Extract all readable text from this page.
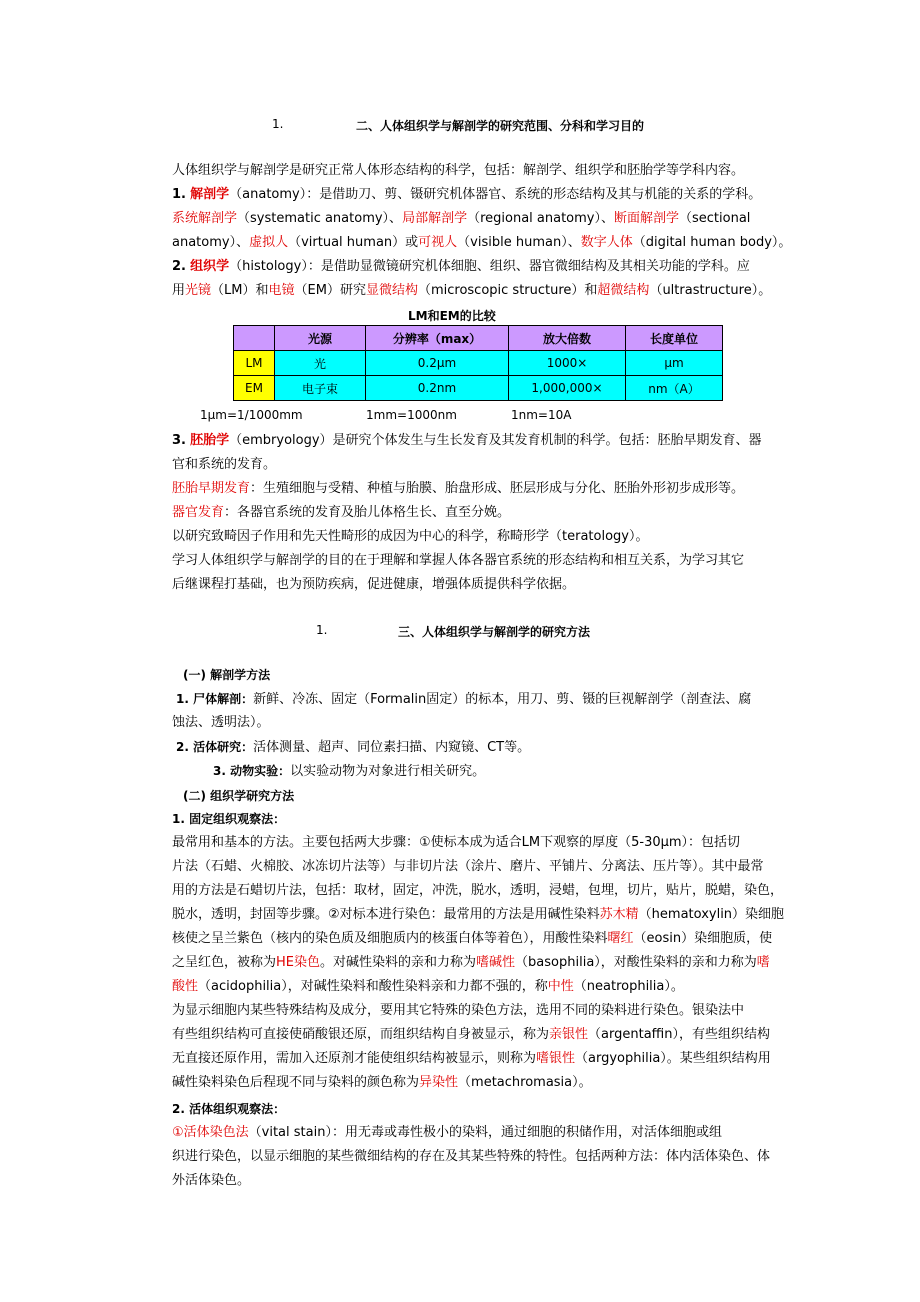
1.	二、人体组织学与解剖学的研究范围、分科和学习目的
人体组织学与解剖学是研究正常人体形态结构的科学，包括：解剖学、组织学和胚胎学等学科内容。
1. 解剖学（anatomy）：是借助刀、剪、镊研究机体器官、系统的形态结构及其与机能的关系的学科。
系统解剖学（systematic anatomy）、局部解剖学（regional anatomy）、断面解剖学（sectional
anatomy）、虚拟人（virtual human）或可视人（visible human）、数字人体（digital human body）。
2. 组织学（histology）：是借助显微镜研究机体细胞、组织、器官微细结构及其相关功能的学科。应
用光镜（LM）和电镜（EM）研究显微结构（microscopic structure）和超微结构（ultrastructure）。
LM和EM的比较
	光源	分辨率（max）	放大倍数	长度单位
LM	光	0.2μm	1000×	μm
EM	电子束	0.2nm	1,000,000×	nm（A）
1μm=1/1000mm	1mm=1000nm	1nm=10A
3. 胚胎学（embryology）是研究个体发生与生长发育及其发育机制的科学。包括：胚胎早期发育、器
官和系统的发育。
胚胎早期发育：生殖细胞与受精、种植与胎膜、胎盘形成、胚层形成与分化、胚胎外形初步成形等。
器官发育：各器官系统的发育及胎儿体格生长、直至分娩。
以研究致畸因子作用和先天性畸形的成因为中心的科学，称畸形学（teratology）。
学习人体组织学与解剖学的目的在于理解和掌握人体各器官系统的形态结构和相互关系，为学习其它
后继课程打基础，也为预防疾病，促进健康，增强体质提供科学依据。
1.	三、人体组织学与解剖学的研究方法
(一) 解剖学方法
1. 尸体解剖：新鲜、冷冻、固定（Formalin固定）的标本，用刀、剪、镊的巨视解剖学（剖查法、腐
蚀法、透明法）。
2. 活体研究：活体测量、超声、同位素扫描、内窥镜、CT等。
3. 动物实验：以实验动物为对象进行相关研究。
(二) 组织学研究方法
1. 固定组织观察法：
最常用和基本的方法。主要包括两大步骤：①使标本成为适合LM下观察的厚度（5-30μm）：包括切
片法（石蜡、火棉胶、冰冻切片法等）与非切片法（涂片、磨片、平铺片、分离法、压片等）。其中最常
用的方法是石蜡切片法，包括：取材，固定，冲洗，脱水，透明，浸蜡，包埋，切片，贴片，脱蜡，染色，
脱水，透明，封固等步骤。②对标本进行染色：最常用的方法是用碱性染料苏木精（hematoxylin）染细胞
核使之呈兰紫色（核内的染色质及细胞质内的核蛋白体等着色），用酸性染料曙红（eosin）染细胞质，使
之呈红色，被称为HE染色。对碱性染料的亲和力称为嗜碱性（basophilia），对酸性染料的亲和力称为嗜
酸性（acidophilia），对碱性染料和酸性染料亲和力都不强的，称中性（neatrophilia）。
为显示细胞内某些特殊结构及成分，要用其它特殊的染色方法，选用不同的染料进行染色。银染法中
有些组织结构可直接使硝酸银还原，而组织结构自身被显示，称为亲银性（argentaffin），有些组织结构
无直接还原作用，需加入还原剂才能使组织结构被显示，则称为嗜银性（argyophilia）。某些组织结构用
碱性染料染色后程现不同与染料的颜色称为异染性（metachromasia）。
2. 活体组织观察法：
①活体染色法（vital stain）：用无毒或毒性极小的染料，通过细胞的积储作用，对活体细胞或组
织进行染色，以显示细胞的某些微细结构的存在及其某些特殊的特性。包括两种方法：体内活体染色、体
外活体染色。
